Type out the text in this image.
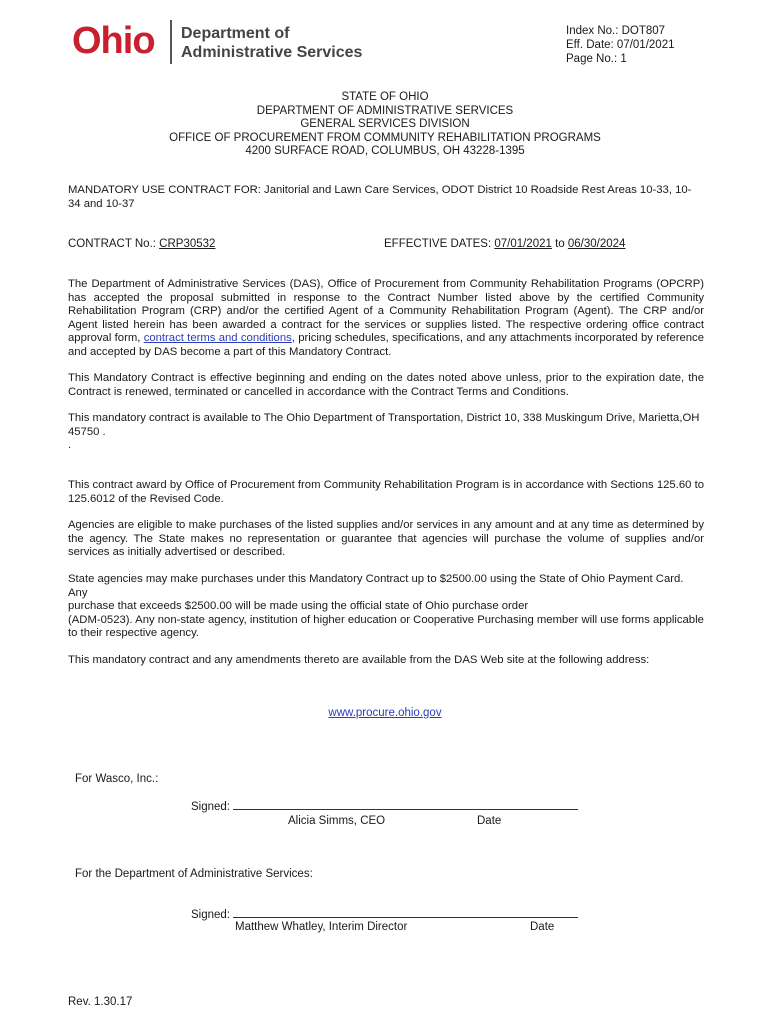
Ohio Department of
Administrative Services
Index No.: DOT807
Eff. Date: 07/01/2021
Page No.: 1
STATE OF OHIO
DEPARTMENT OF ADMINISTRATIVE SERVICES
GENERAL SERVICES DIVISION
OFFICE OF PROCUREMENT FROM COMMUNITY REHABILITATION PROGRAMS
4200 SURFACE ROAD, COLUMBUS, OH 43228-1395
MANDATORY USE CONTRACT FOR: Janitorial and Lawn Care Services, ODOT District 10 Roadside Rest Areas 10-33, 10-
34 and 10-37
CONTRACT No.: CRP30532	EFFECTIVE DATES: 07/01/2021 to 06/30/2024
The Department of Administrative Services (DAS), Office of Procurement from Community Rehabilitation Programs (OPCRP) has accepted the proposal submitted in response to the Contract Number listed above by the certified Community Rehabilitation Program (CRP) and/or the certified Agent of a Community Rehabilitation Program (Agent). The CRP and/or Agent listed herein has been awarded a contract for the services or supplies listed. The respective ordering office contract approval form, contract terms and conditions, pricing schedules, specifications, and any attachments incorporated by reference and accepted by DAS become a part of this Mandatory Contract.
This Mandatory Contract is effective beginning and ending on the dates noted above unless, prior to the expiration date, the Contract is renewed, terminated or cancelled in accordance with the Contract Terms and Conditions.
This mandatory contract is available to The Ohio Department of Transportation, District 10, 338 Muskingum Drive, Marietta,OH
45750 .
.
This contract award by Office of Procurement from Community Rehabilitation Program is in accordance with Sections 125.60 to 125.6012 of the Revised Code.
Agencies are eligible to make purchases of the listed supplies and/or services in any amount and at any time as determined by the agency. The State makes no representation or guarantee that agencies will purchase the volume of supplies and/or services as initially advertised or described.
State agencies may make purchases under this Mandatory Contract up to $2500.00 using the State of Ohio Payment Card. Any
purchase that exceeds $2500.00 will be made using the official state of Ohio purchase order
(ADM-0523). Any non-state agency, institution of higher education or Cooperative Purchasing member will use forms applicable to their respective agency.
This mandatory contract and any amendments thereto are available from the DAS Web site at the following address:
www.procure.ohio.gov
For Wasco, Inc.:
Signed:
Alicia Simms, CEO	Date
For the Department of Administrative Services:
Signed:
Matthew Whatley, Interim Director	Date
Rev. 1.30.17
